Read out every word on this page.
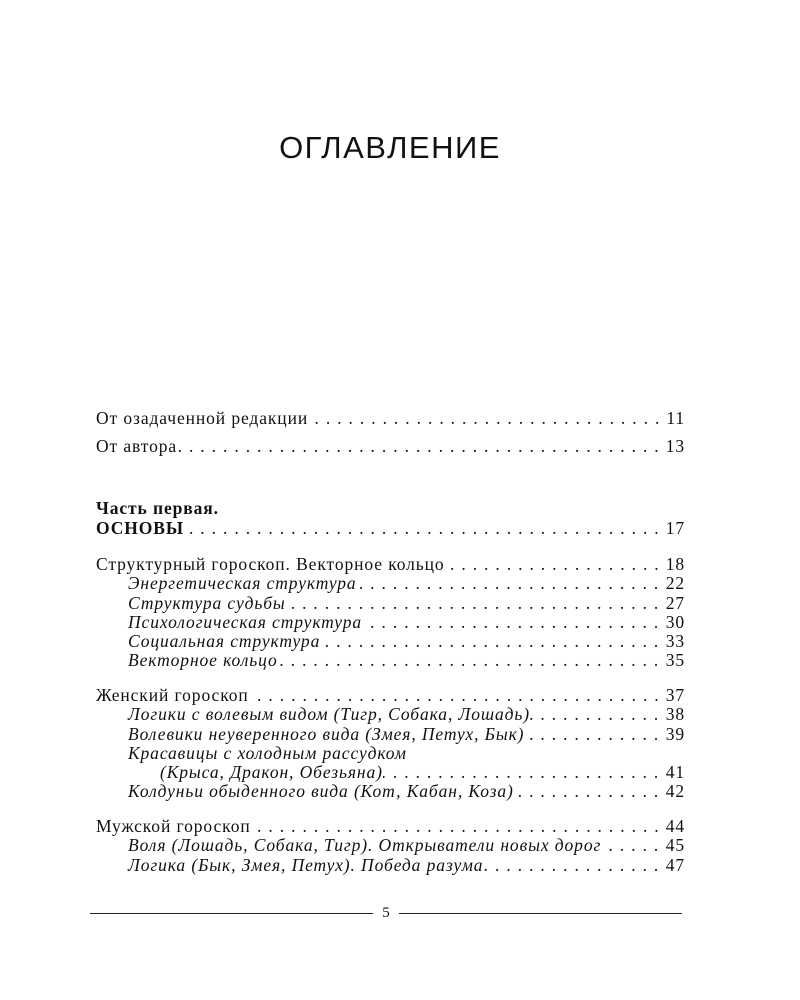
ОГЛАВЛЕНИЕ
От озадаченной редакции . . .	11
От автора . . .	13
Часть первая.
ОСНОВЫ . . .	17
Структурный гороскоп. Векторное кольцо . . .	18
Энергетическая структура . . .	22
Структура судьбы . . .	27
Психологическая структура . . .	30
Социальная структура . . .	33
Векторное кольцо . . .	35
Женский гороскоп . . .	37
Логики с волевым видом (Тигр, Собака, Лошадь) . . .	38
Волевики неуверенного вида (Змея, Петух, Бык) . . .	39
Красавицы с холодным рассудком
(Крыса, Дракон, Обезьяна) . . .	41
Колдуньи обыденного вида (Кот, Кабан, Коза) . . .	42
Мужской гороскоп . . .	44
Воля (Лошадь, Собака, Тигр). Открыватели новых дорог . . .	45
Логика (Бык, Змея, Петух). Победа разума . . .	47
5
